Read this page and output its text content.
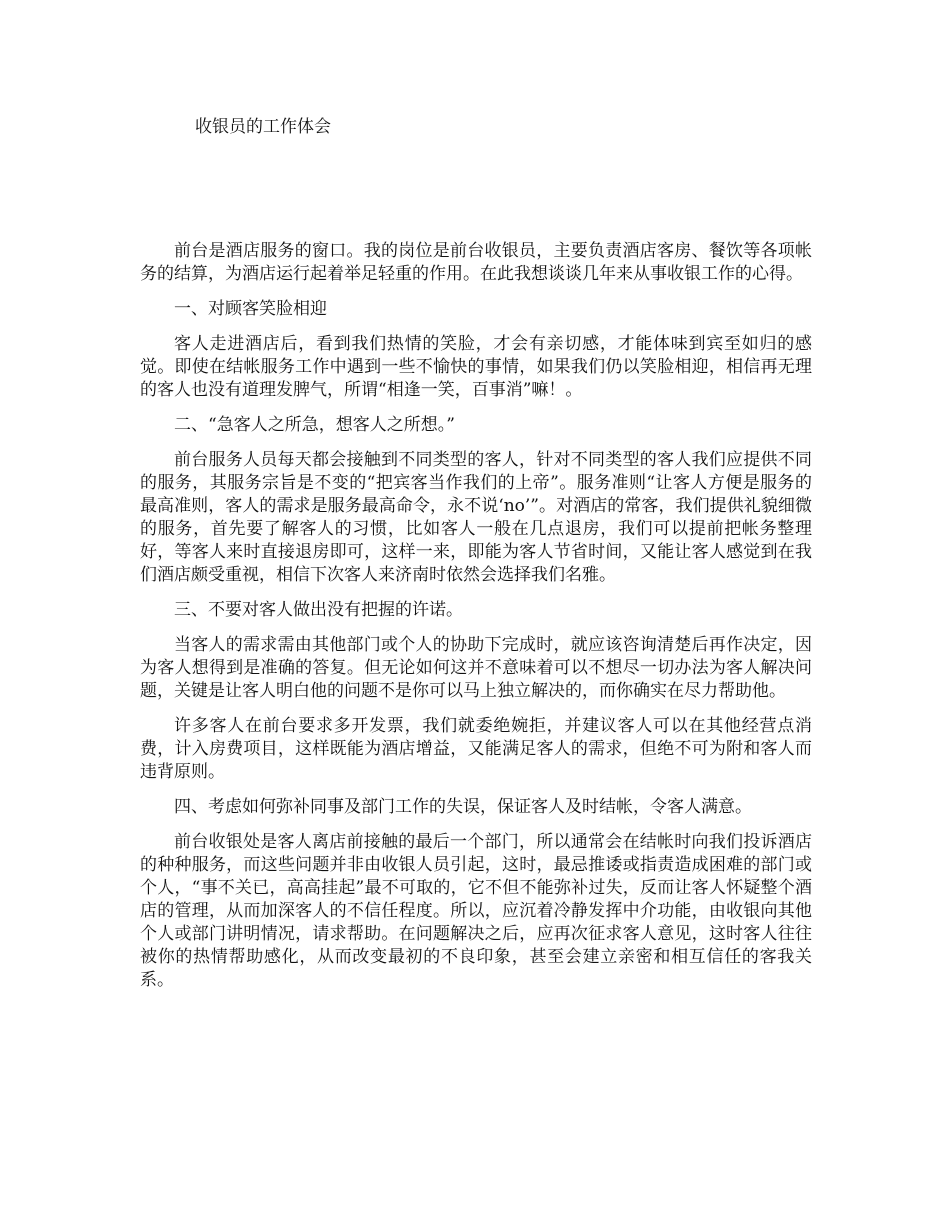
收银员的工作体会

前台是酒店服务的窗口。我的岗位是前台收银员，主要负责酒店客房、餐饮等各项帐务的结算，为酒店运行起着举足轻重的作用。在此我想谈谈几年来从事收银工作的心得。

一、对顾客笑脸相迎

客人走进酒店后，看到我们热情的笑脸，才会有亲切感，才能体味到宾至如归的感觉。即使在结帐服务工作中遇到一些不愉快的事情，如果我们仍以笑脸相迎，相信再无理的客人也没有道理发脾气，所谓“相逢一笑，百事消”嘛！。

二、“急客人之所急，想客人之所想。”

前台服务人员每天都会接触到不同类型的客人，针对不同类型的客人我们应提供不同的服务，其服务宗旨是不变的“把宾客当作我们的上帝”。服务准则“让客人方便是服务的最高准则，客人的需求是服务最高命令，永不说‘no’”。对酒店的常客，我们提供礼貌细微的服务，首先要了解客人的习惯，比如客人一般在几点退房，我们可以提前把帐务整理好，等客人来时直接退房即可，这样一来，即能为客人节省时间，又能让客人感觉到在我们酒店颇受重视，相信下次客人来济南时依然会选择我们名雅。

三、不要对客人做出没有把握的许诺。

当客人的需求需由其他部门或个人的协助下完成时，就应该咨询清楚后再作决定，因为客人想得到是准确的答复。但无论如何这并不意味着可以不想尽一切办法为客人解决问题，关键是让客人明白他的问题不是你可以马上独立解决的，而你确实在尽力帮助他。

许多客人在前台要求多开发票，我们就委绝婉拒，并建议客人可以在其他经营点消费，计入房费项目，这样既能为酒店增益，又能满足客人的需求，但绝不可为附和客人而违背原则。

四、考虑如何弥补同事及部门工作的失误，保证客人及时结帐，令客人满意。

前台收银处是客人离店前接触的最后一个部门，所以通常会在结帐时向我们投诉酒店的种种服务，而这些问题并非由收银人员引起，这时，最忌推诿或指责造成困难的部门或个人，“事不关已，高高挂起”最不可取的，它不但不能弥补过失，反而让客人怀疑整个酒店的管理，从而加深客人的不信任程度。所以，应沉着冷静发挥中介功能，由收银向其他个人或部门讲明情况，请求帮助。在问题解决之后，应再次征求客人意见，这时客人往往被你的热情帮助感化，从而改变最初的不良印象，甚至会建立亲密和相互信任的客我关系。
